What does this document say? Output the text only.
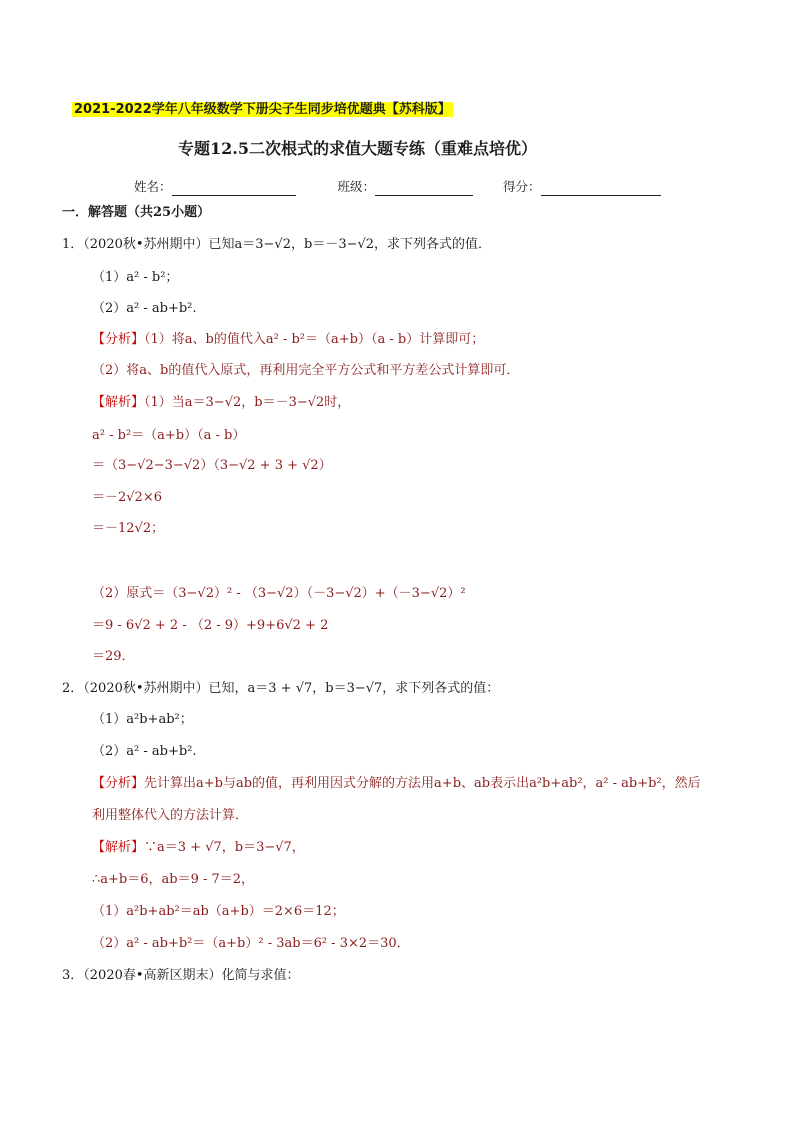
2021-2022学年八年级数学下册尖子生同步培优题典【苏科版】
专题12.5二次根式的求值大题专练（重难点培优）
姓名：	班级：	得分：
一．解答题（共25小题）
1．（2020秋•苏州期中）已知a＝3−√2，b＝－3−√2，求下列各式的值．
（1）a² - b²；
（2）a² - ab+b².
【分析】（1）将a、b的值代入a² - b²＝（a+b）（a - b）计算即可；
（2）将a、b的值代入原式，再利用完全平方公式和平方差公式计算即可．
【解析】（1）当a＝3−√2，b＝－3−√2时，
a² - b²＝（a+b）（a - b）
＝（3−√2−3−√2）（3−√2 + 3 + √2）
＝－2√2×6
＝－12√2；
（2）原式＝（3−√2）² - （3−√2）（－3−√2）+（－3−√2）²
＝9 - 6√2 + 2 - （2 - 9）+9+6√2 + 2
＝29．
2．（2020秋•苏州期中）已知，a＝3 + √7，b＝3−√7，求下列各式的值：
（1）a²b+ab²；
（2）a² - ab+b².
【分析】先计算出a+b与ab的值，再利用因式分解的方法用a+b、ab表示出a²b+ab²，a² - ab+b²，然后
利用整体代入的方法计算．
【解析】∵a＝3 + √7，b＝3−√7，
∴a+b＝6，ab＝9 - 7＝2，
（1）a²b+ab²＝ab（a+b）＝2×6＝12；
（2）a² - ab+b²＝（a+b）² - 3ab＝6² - 3×2＝30．
3．（2020春•高新区期末）化简与求值：
